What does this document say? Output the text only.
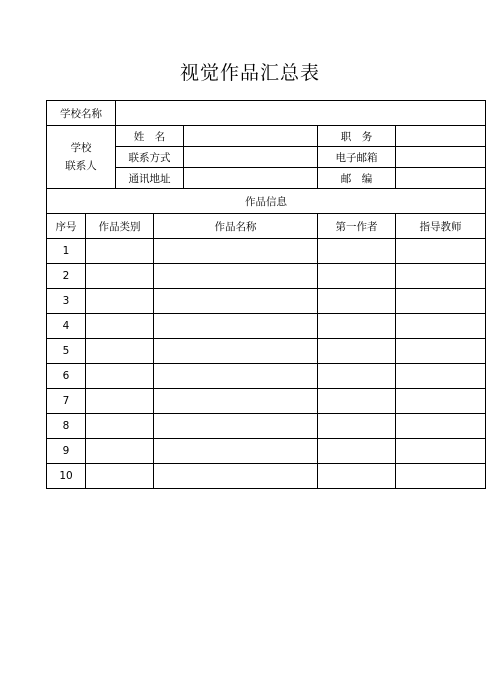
视觉作品汇总表
学校名称						
学校
联系人		姓　名			职　务	
		联系方式			电子邮箱	
		通讯地址			邮　编	
作品信息						
序号	作品类别		作品名称		第一作者	指导教师
1						
2						
3						
4						
5						
6						
7						
8						
9						
10						
